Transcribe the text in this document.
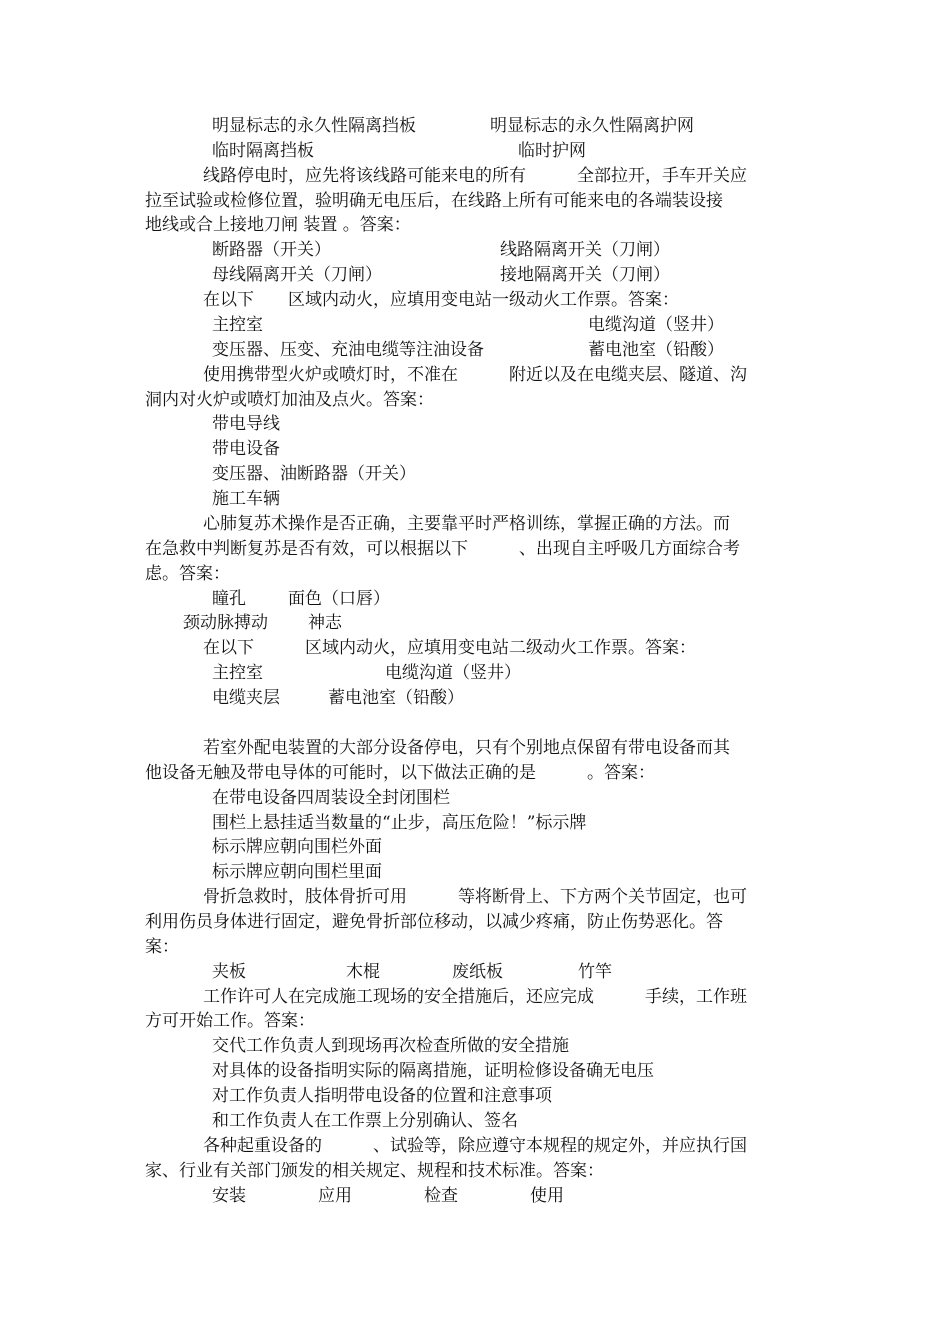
明显标志的永久性隔离挡板	明显标志的永久性隔离护网
临时隔离挡板	临时护网
线路停电时，应先将该线路可能来电的所有　　　全部拉开，手车开关应
拉至试验或检修位置，验明确无电压后，在线路上所有可能来电的各端装设接
地线或合上接地刀闸 装置 。答案：
断路器（开关）	线路隔离开关（刀闸）
母线隔离开关（刀闸）	接地隔离开关（刀闸）
在以下　　区域内动火，应填用变电站一级动火工作票。答案：
主控室	电缆沟道（竖井）
变压器、压变、充油电缆等注油设备	蓄电池室（铅酸）
使用携带型火炉或喷灯时，不准在　　　附近以及在电缆夹层、隧道、沟
洞内对火炉或喷灯加油及点火。答案：
带电导线
带电设备
变压器、油断路器（开关）
施工车辆
心肺复苏术操作是否正确，主要靠平时严格训练，掌握正确的方法。而
在急救中判断复苏是否有效，可以根据以下　　　、出现自主呼吸几方面综合考
虑。答案：
瞳孔 面色（口唇）
颈动脉搏动 神志
在以下　　　区域内动火，应填用变电站二级动火工作票。答案：
主控室	电缆沟道（竖井）
电缆夹层	蓄电池室（铅酸）
若室外配电装置的大部分设备停电，只有个别地点保留有带电设备而其
他设备无触及带电导体的可能时，以下做法正确的是　　　。答案：
在带电设备四周装设全封闭围栏
围栏上悬挂适当数量的“止步，高压危险！”标示牌
标示牌应朝向围栏外面
标示牌应朝向围栏里面
骨折急救时，肢体骨折可用　　　等将断骨上、下方两个关节固定，也可
利用伤员身体进行固定，避免骨折部位移动，以减少疼痛，防止伤势恶化。答
案：
夹板	木棍	废纸板	竹竿
工作许可人在完成施工现场的安全措施后，还应完成　　　手续，工作班
方可开始工作。答案：
交代工作负责人到现场再次检查所做的安全措施
对具体的设备指明实际的隔离措施，证明检修设备确无电压
对工作负责人指明带电设备的位置和注意事项
和工作负责人在工作票上分别确认、签名
各种起重设备的　　　、试验等，除应遵守本规程的规定外，并应执行国
家、行业有关部门颁发的相关规定、规程和技术标准。答案：
安装	应用	检查	使用
